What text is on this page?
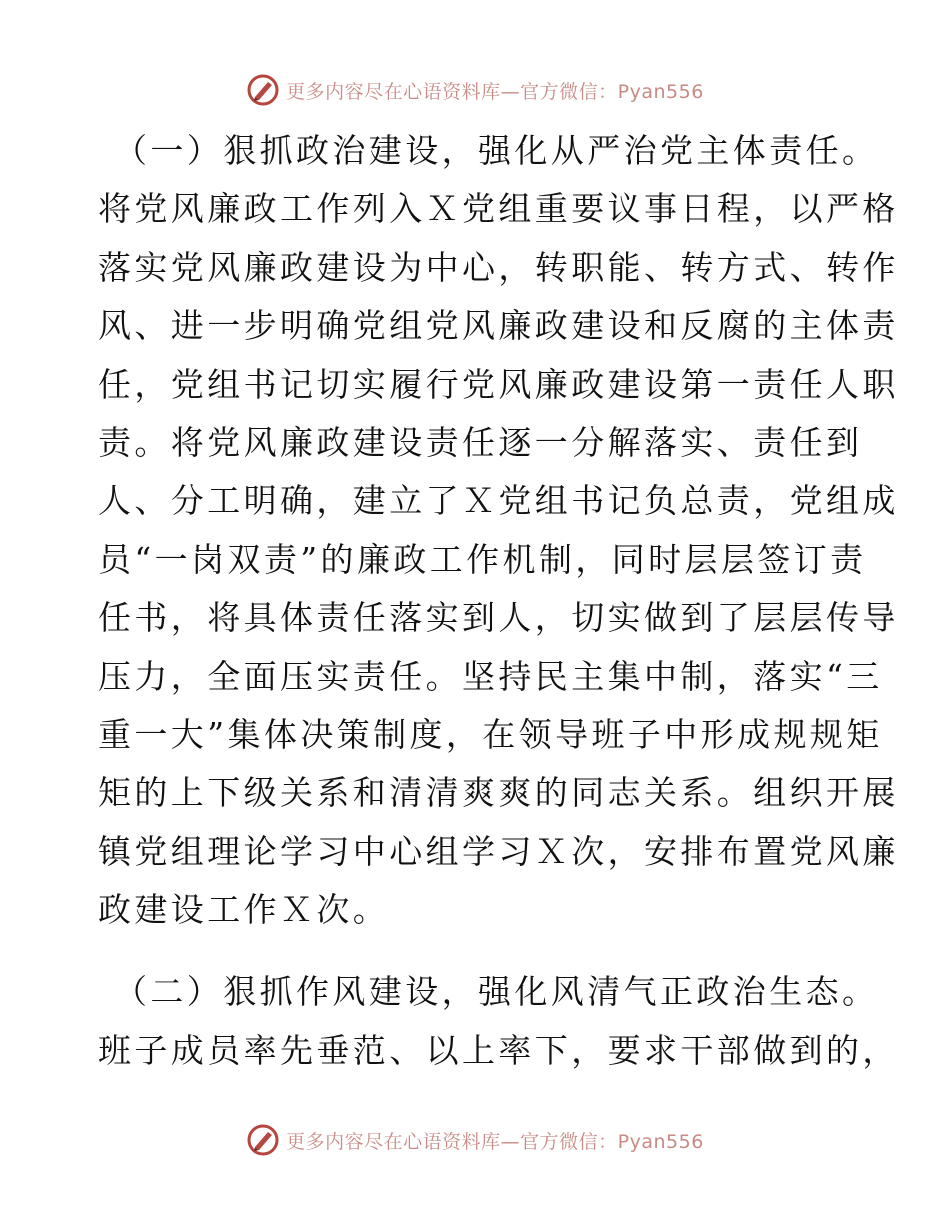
更多内容尽在心语资料库—官方微信：Pyan556
（一）狠抓政治建设，强化从严治党主体责任。
将党风廉政工作列入Ｘ党组重要议事日程，以严格
落实党风廉政建设为中心，转职能、转方式、转作
风、进一步明确党组党风廉政建设和反腐的主体责
任，党组书记切实履行党风廉政建设第一责任人职
责。将党风廉政建设责任逐一分解落实、责任到
人、分工明确，建立了Ｘ党组书记负总责，党组成
员“一岗双责”的廉政工作机制，同时层层签订责
任书，将具体责任落实到人，切实做到了层层传导
压力，全面压实责任。坚持民主集中制，落实“三
重一大”集体决策制度，在领导班子中形成规规矩
矩的上下级关系和清清爽爽的同志关系。组织开展
镇党组理论学习中心组学习Ｘ次，安排布置党风廉
政建设工作Ｘ次。
（二）狠抓作风建设，强化风清气正政治生态。
班子成员率先垂范、以上率下，要求干部做到的，
更多内容尽在心语资料库—官方微信：Pyan556
